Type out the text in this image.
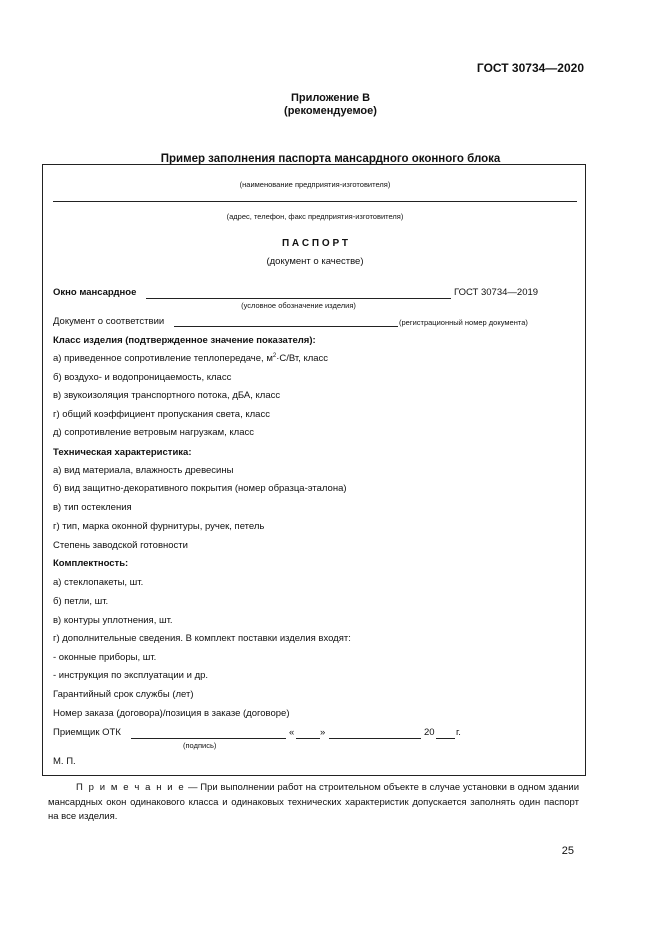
ГОСТ 30734—2020
Приложение В
(рекомендуемое)
Пример заполнения паспорта мансардного оконного блока
(наименование предприятия-изготовителя)
(адрес, телефон, факс предприятия-изготовителя)
П А С П О Р Т
(документ о качестве)
Окно мансардное	ГОСТ 30734—2019
(условное обозначение изделия)
Документ о соответствии	(регистрационный номер документа)
Класс изделия (подтвержденное значение показателя):
а) приведенное сопротивление теплопередаче, $м^2\cdot С/Вт$, класс
б) воздухо- и водопроницаемость, класс
в) звукоизоляция транспортного потока, дБА, класс
г) общий коэффициент пропускания света, класс
д) сопротивление ветровым нагрузкам, класс
Техническая характеристика:
а) вид материала, влажность древесины
б) вид защитно-декоративного покрытия (номер образца-эталона)
в) тип остекления
г) тип, марка оконной фурнитуры, ручек, петель
Степень заводской готовности
Комплектность:
а) стеклопакеты, шт.
б) петли, шт.
в) контуры уплотнения, шт.
г) дополнительные сведения. В комплект поставки изделия входят:
- оконные приборы, шт.
- инструкция по эксплуатации и др.
Гарантийный срок службы (лет)
Номер заказа (договора)/позиция в заказе (договоре)
Приемщик ОТК	«	»	20 г.
(подпись)
М. П.
П р и м е ч а н и е — При выполнении работ на строительном объекте в случае установки в одном здании мансардных окон одинакового класса и одинаковых технических характеристик допускается заполнять один паспорт на все изделия.
25
